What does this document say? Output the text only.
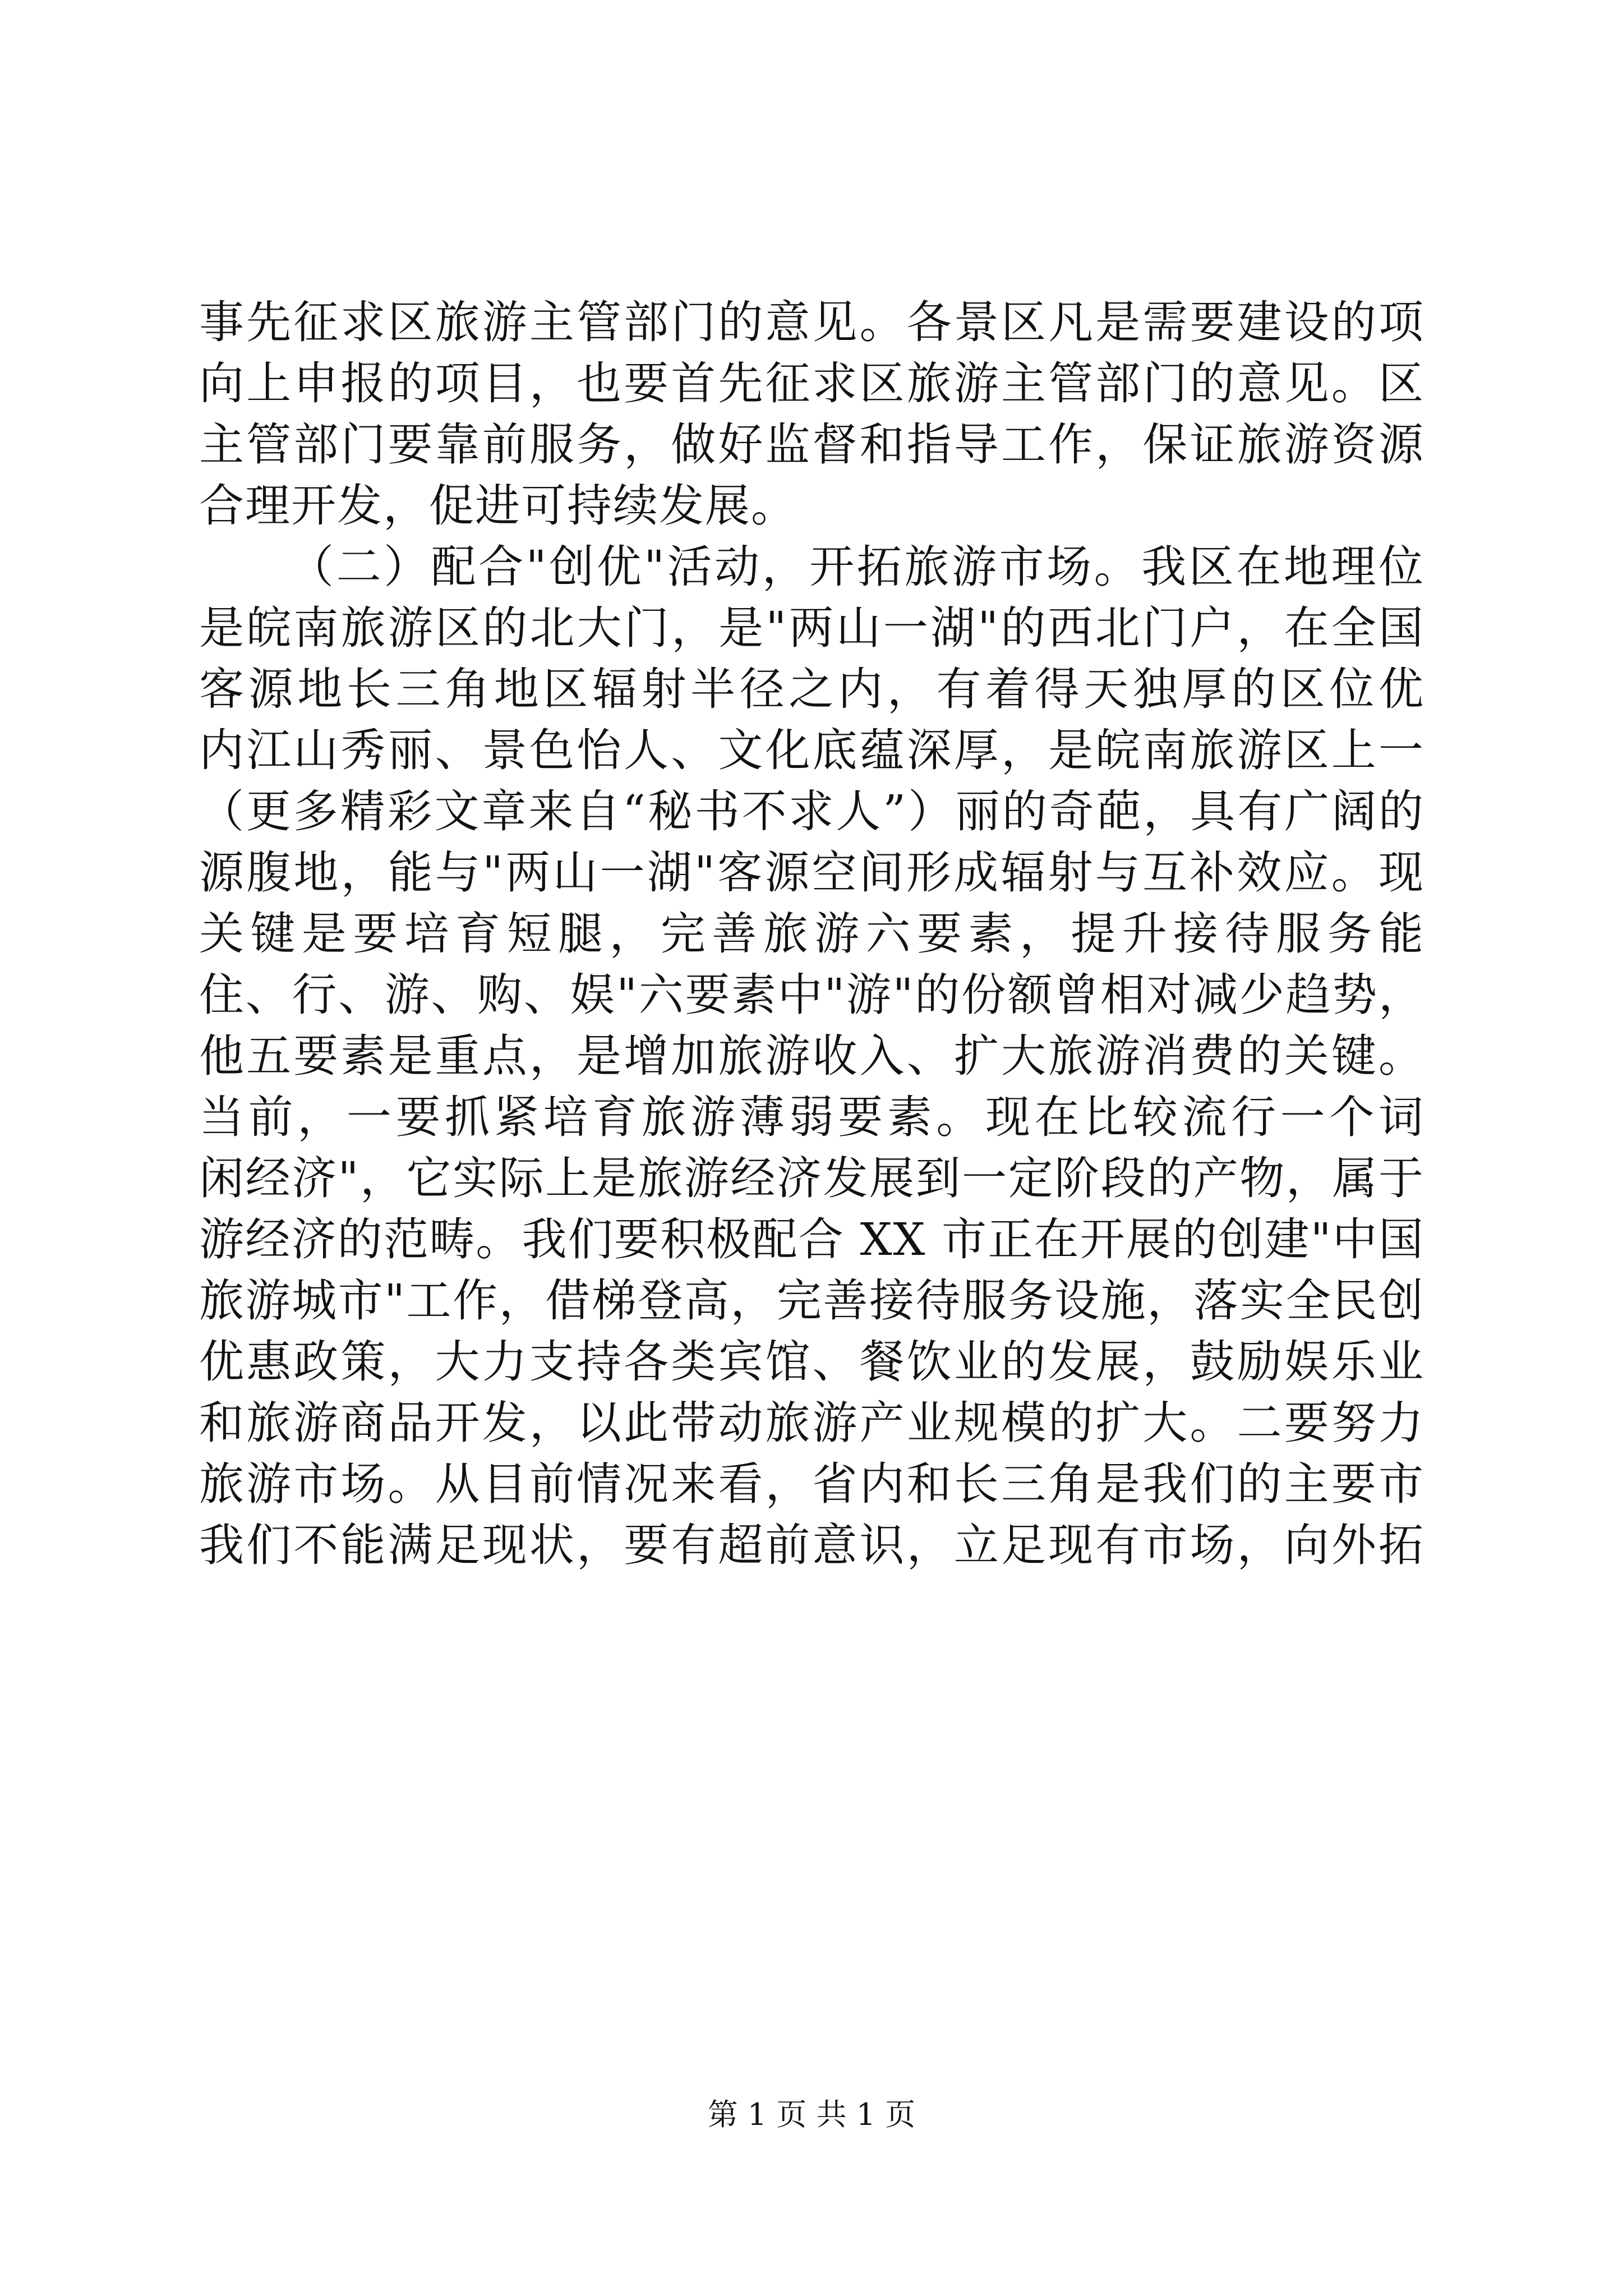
事先征求区旅游主管部门的意见。各景区凡是需要建设的项
向上申报的项目，也要首先征求区旅游主管部门的意见。区
主管部门要靠前服务，做好监督和指导工作，保证旅游资源
合理开发，促进可持续发展。
（二）配合"创优"活动，开拓旅游市场。我区在地理位
是皖南旅游区的北大门，是"两山一湖"的西北门户，在全国
客源地长三角地区辐射半径之内，有着得天独厚的区位优
内江山秀丽、景色怡人、文化底蕴深厚，是皖南旅游区上一
（更多精彩文章来自“秘书不求人”）丽的奇葩，具有广阔的
源腹地，能与"两山一湖"客源空间形成辐射与互补效应。现
关键是要培育短腿，完善旅游六要素，提升接待服务能
住、行、游、购、娱"六要素中"游"的份额曾相对减少趋势，
他五要素是重点，是增加旅游收入、扩大旅游消费的关键。
当前，一要抓紧培育旅游薄弱要素。现在比较流行一个词
闲经济"，它实际上是旅游经济发展到一定阶段的产物，属于
游经济的范畴。我们要积极配合 XX 市正在开展的创建"中国
旅游城市"工作，借梯登高，完善接待服务设施，落实全民创
优惠政策，大力支持各类宾馆、餐饮业的发展，鼓励娱乐业
和旅游商品开发，以此带动旅游产业规模的扩大。二要努力
旅游市场。从目前情况来看，省内和长三角是我们的主要市
我们不能满足现状，要有超前意识，立足现有市场，向外拓
第 1 页 共 1 页
